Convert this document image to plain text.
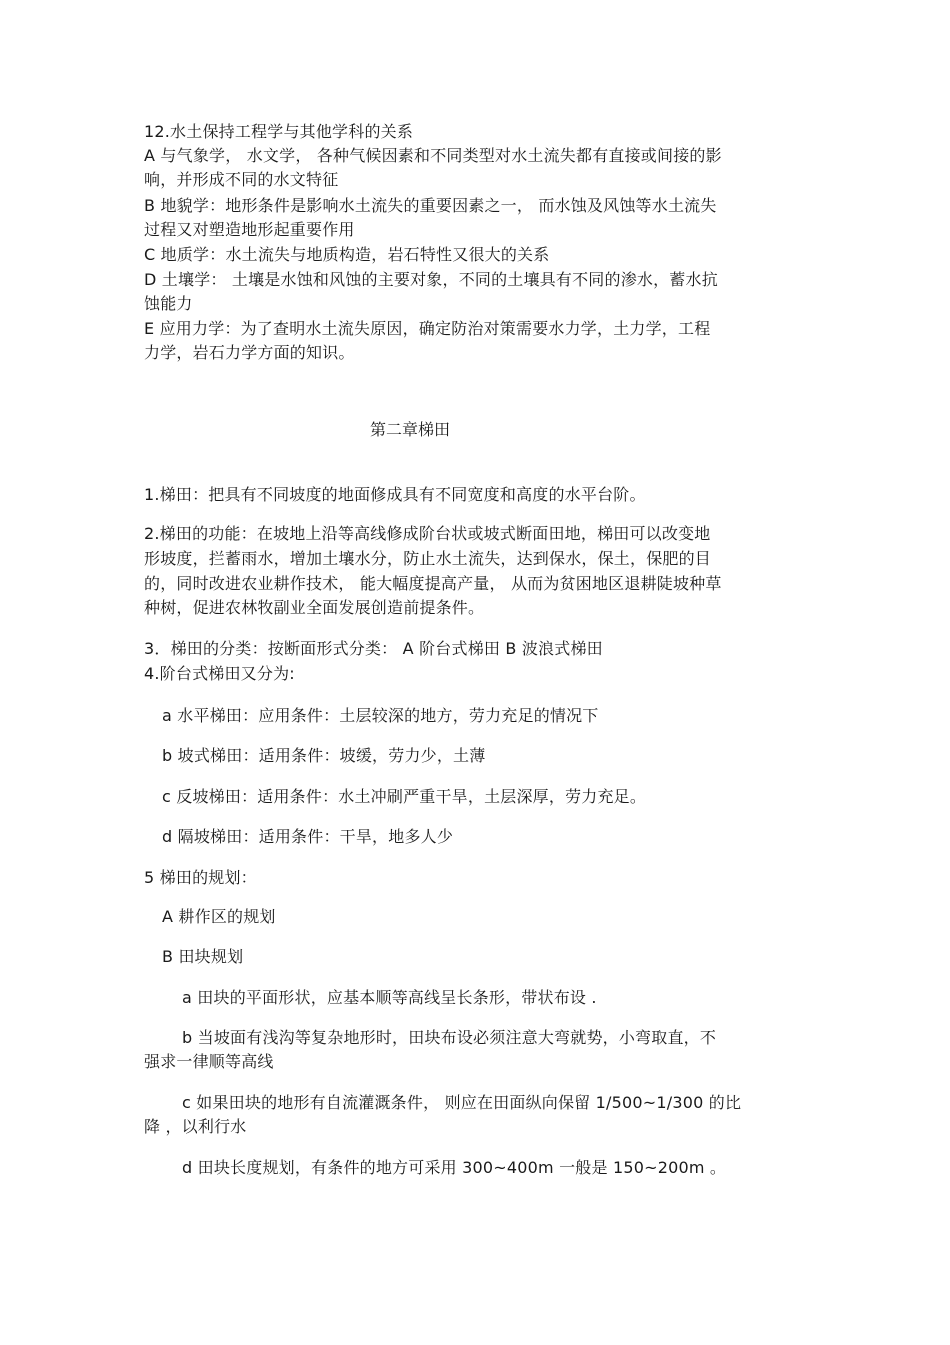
12.水土保持工程学与其他学科的关系
A 与气象学， 水文学， 各种气候因素和不同类型对水土流失都有直接或间接的影
响，并形成不同的水文特征
B 地貌学：地形条件是影响水土流失的重要因素之一， 而水蚀及风蚀等水土流失
过程又对塑造地形起重要作用
C 地质学：水土流失与地质构造，岩石特性又很大的关系
D 土壤学： 土壤是水蚀和风蚀的主要对象，不同的土壤具有不同的渗水，蓄水抗
蚀能力
E 应用力学：为了查明水土流失原因，确定防治对策需要水力学，土力学，工程
力学，岩石力学方面的知识。
第二章梯田
1.梯田：把具有不同坡度的地面修成具有不同宽度和高度的水平台阶。
2.梯田的功能：在坡地上沿等高线修成阶台状或坡式断面田地，梯田可以改变地
形坡度，拦蓄雨水，增加土壤水分，防止水土流失，达到保水，保土，保肥的目
的，同时改进农业耕作技术， 能大幅度提高产量， 从而为贫困地区退耕陡坡种草
种树，促进农林牧副业全面发展创造前提条件。
3．梯田的分类：按断面形式分类： A 阶台式梯田 B 波浪式梯田
4.阶台式梯田又分为:
a 水平梯田：应用条件：土层较深的地方，劳力充足的情况下
b 坡式梯田：适用条件：坡缓，劳力少，土薄
c 反坡梯田：适用条件：水土冲刷严重干旱，土层深厚，劳力充足。
d 隔坡梯田：适用条件：干旱，地多人少
5 梯田的规划：
A 耕作区的规划
B 田块规划
a 田块的平面形状，应基本顺等高线呈长条形，带状布设 .
b 当坡面有浅沟等复杂地形时，田块布设必须注意大弯就势，小弯取直，不
强求一律顺等高线
c 如果田块的地形有自流灌溉条件， 则应在田面纵向保留 1/500~1/300 的比
降 ，以利行水
d 田块长度规划，有条件的地方可采用 300~400m 一般是 150~200m 。
